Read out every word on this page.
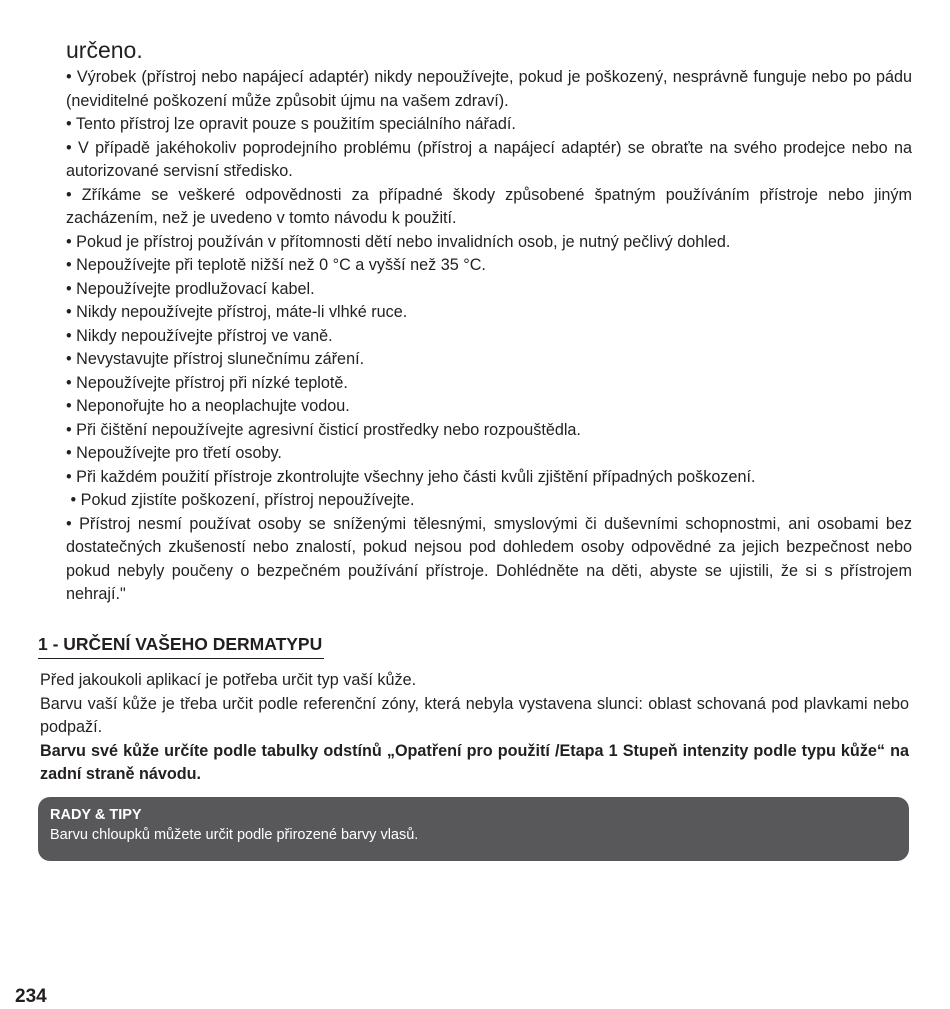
určeno.
• Výrobek (přístroj nebo napájecí adaptér) nikdy nepoužívejte, pokud je poškozený, nesprávně funguje nebo po pádu (neviditelné poškození může způsobit újmu na vašem zdraví).
• Tento přístroj lze opravit pouze s použitím speciálního nářadí.
• V případě jakéhokoliv poprodejního problému (přístroj a napájecí adaptér) se obraťte na svého prodejce nebo na autorizované servisní středisko.
• Zříkáme se veškeré odpovědnosti za případné škody způsobené špatným používáním přístroje nebo jiným zacházením, než je uvedeno v tomto návodu k použití.
• Pokud je přístroj používán v přítomnosti dětí nebo invalidních osob, je nutný pečlivý dohled.
• Nepoužívejte při teplotě nižší než 0 °C a vyšší než 35 °C.
• Nepoužívejte prodlužovací kabel.
• Nikdy nepoužívejte přístroj, máte-li vlhké ruce.
• Nikdy nepoužívejte přístroj ve vaně.
• Nevystavujte přístroj slunečnímu záření.
• Nepoužívejte přístroj při nízké teplotě.
• Neponořujte ho a neoplachujte vodou.
• Při čištění nepoužívejte agresivní čisticí prostředky nebo rozpouštědla.
• Nepoužívejte pro třetí osoby.
• Při každém použití přístroje zkontrolujte všechny jeho části kvůli zjištění případných poškození.
• Pokud zjistíte poškození, přístroj nepoužívejte.
• Přístroj nesmí používat osoby se sníženými tělesnými, smyslovými či duševními schopnostmi, ani osobami bez dostatečných zkušeností nebo znalostí, pokud nejsou pod dohledem osoby odpovědné za jejich bezpečnost nebo pokud nebyly poučeny o bezpečném používání přístroje. Dohlédněte na děti, abyste se ujistili, že si s přístrojem nehrají."
1 - URČENÍ VAŠEHO DERMATYPU

Před jakoukoli aplikací je potřeba určit typ vaší kůže.

Barvu vaší kůže je třeba určit podle referenční zóny, která nebyla vystavena slunci: oblast schovaná pod plavkami nebo podpaží.

Barvu své kůže určíte podle tabulky odstínů „Opatření pro použití /Etapa 1 Stupeň intenzity podle typu kůže“ na zadní straně návodu.

RADY & TIPY
Barvu chloupků můžete určit podle přirozené barvy vlasů.
234
